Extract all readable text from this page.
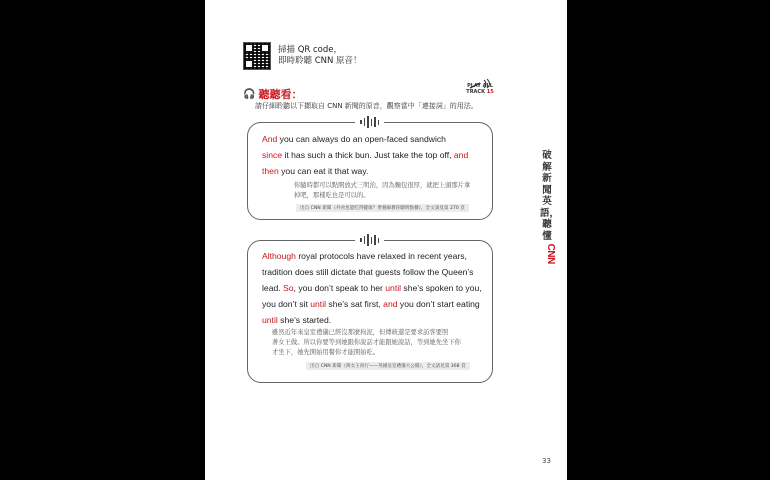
掃描 QR code，
即時聆聽 CNN 原音！
🎧 聽聽看：
請仔細聆聽以下擷取自 CNN 新聞的原音，觀察當中「連接詞」的用法。
PLAY ALL
TRACK 15
And you can always do an open-faced sandwich
since it has such a thick bun. Just take the top off, and
then you can eat it that way.
你隨時都可以點開放式三明治，因為麵包很厚，就把上頭那片拿
掉吧，那樣吃也是可以的。
出自 CNN 新聞《外食也能吃得健康？營養師教你聰明點餐》，全文請見第 270 頁
Although royal protocols have relaxed in recent years,
tradition does still dictate that guests follow the Queen’s
lead. So, you don’t speak to her until she’s spoken to you,
you don’t sit until she’s sat first, and you don’t start eating
until she’s started.
雖然近年來皇室禮儀已經沒那麼拘泥，但傳統還是要求訪客要照
著女王做。所以你要等到她跟你說話才能跟她說話，等到她先坐下你
才坐下，她先開始用餐你才能開始吃。
出自 CNN 新聞《與女王同行——英國皇室禮儀大公開》，全文請見第 368 頁
破解新聞英語，聽懂
CNN
33
